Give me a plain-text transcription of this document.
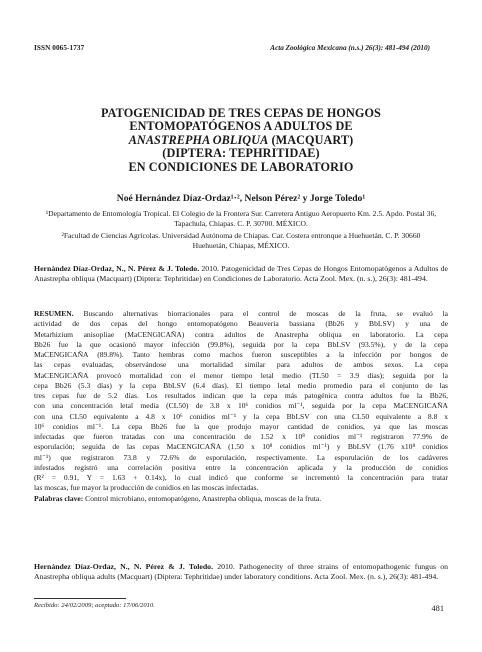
ISSN 0065-1737	Acta Zoológica Mexicana (n.s.) 26(3): 481-494 (2010)
PATOGENICIDAD DE TRES CEPAS DE HONGOS
ENTOMOPATÓGENOS A ADULTOS DE
ANASTREPHA OBLIQUA (MACQUART)
(DIPTERA: TEPHRITIDAE)
EN CONDICIONES DE LABORATORIO
Noé Hernández Díaz-Ordaz¹·², Nelson Pérez² y Jorge Toledo¹
¹Departamento de Entomología Tropical. El Colegio de la Frontera Sur. Carretera Antiguo Aeropuerto Km. 2.5. Apdo. Postal 36, Tapachula, Chiapas. C. P. 30700. MÉXICO.
²Facultad de Ciencias Agrícolas. Universidad Autónoma de Chiapas. Car. Costera entronque a Huehuetán. C. P. 30660 Huehuetán, Chiapas, MÉXICO.
Hernández Díaz-Ordaz, N., N. Pérez & J. Toledo. 2010. Patogenicidad de Tres Cepas de Hongos Entomopatógenos a Adultos de Anastrepha obliqua (Macquart) (Diptera: Tephritidae) en Condiciones de Laboratorio. Acta Zool. Mex. (n. s.), 26(3): 481-494.
RESUMEN. Buscando alternativas biorracionales para el control de moscas de la fruta, se evaluó la
actividad de dos cepas del hongo entomopatógeno Beauveria bassiana (Bb26 y BbLSV) y una de
Metarhizium anisopliae (MaCENGICAÑA) contra adultos de Anastrepha obliqua en laboratorio. La cepa
Bb26 fue la que ocasionó mayor infección (99.8%), seguida por la cepa BbLSV (93.5%), y de la cepa
MaCENGICAÑA (89.8%). Tanto hembras como machos fueron susceptibles a la infección por hongos de
las cepas evaluadas, observándose una mortalidad similar para adultos de ambos sexos. La cepa
MaCENGICAÑA provocó mortalidad con el menor tiempo letal medio (TL50 = 3.9 días); seguida por la
cepa Bb26 (5.3 días) y la cepa BbLSV (6.4 días). El tiempo letal medio promedio para el conjunto de las
tres cepas fue de 5.2 días. Los resultados indican que la cepa más patogénica contra adultos fue la Bb26,
con una concentración letal media (CL50) de 3.8 x 10⁶ conidios ml⁻¹, seguida por la cepa MaCENGICAÑA
con una CL50 equivalente a 4.8 x 10⁶ conidios ml⁻¹ y la cepa BbLSV con una CL50 equivalente a 8.8 x
10⁶ conidios ml⁻¹. La cepa Bb26 fue la que produjo mayor cantidad de conidios, ya que las moscas
infectadas que fueron tratadas con una concentración de 1.52 x 10⁸ conidios ml⁻¹ registraron 77.9% de
esporulación; seguida de las cepas MaCENGICAÑA (1.50 x 10⁸ conidios ml⁻¹) y BbLSV (1.76 x10⁸ conidios
ml⁻¹) que registraron 73.8 y 72.6% de esporulación, respectivamente. La esporulación de los cadáveres
infestados registró una correlación positiva entre la concentración aplicada y la producción de conidios
(R² = 0.91, Y = 1.63 + 0.14x), lo cual indicó que conforme se incrementó la concentración para tratar
las moscas, fue mayor la producción de conidios en las moscas infectadas.
Palabras clave: Control microbiano, entomopatógeno, Anastrepha obliqua, moscas de la fruta.
Hernández Díaz-Ordaz, N., N. Pérez & J. Toledo. 2010. Pathogenecity of three strains of entomopathogenic fungus on Anastrepha obliqua adults (Macquart) (Diptera: Tephritidae) under laboratory conditions. Acta Zool. Mex. (n. s.), 26(3): 481-494.
Recibido: 24/02/2009; aceptado: 17/06/2010.	481
